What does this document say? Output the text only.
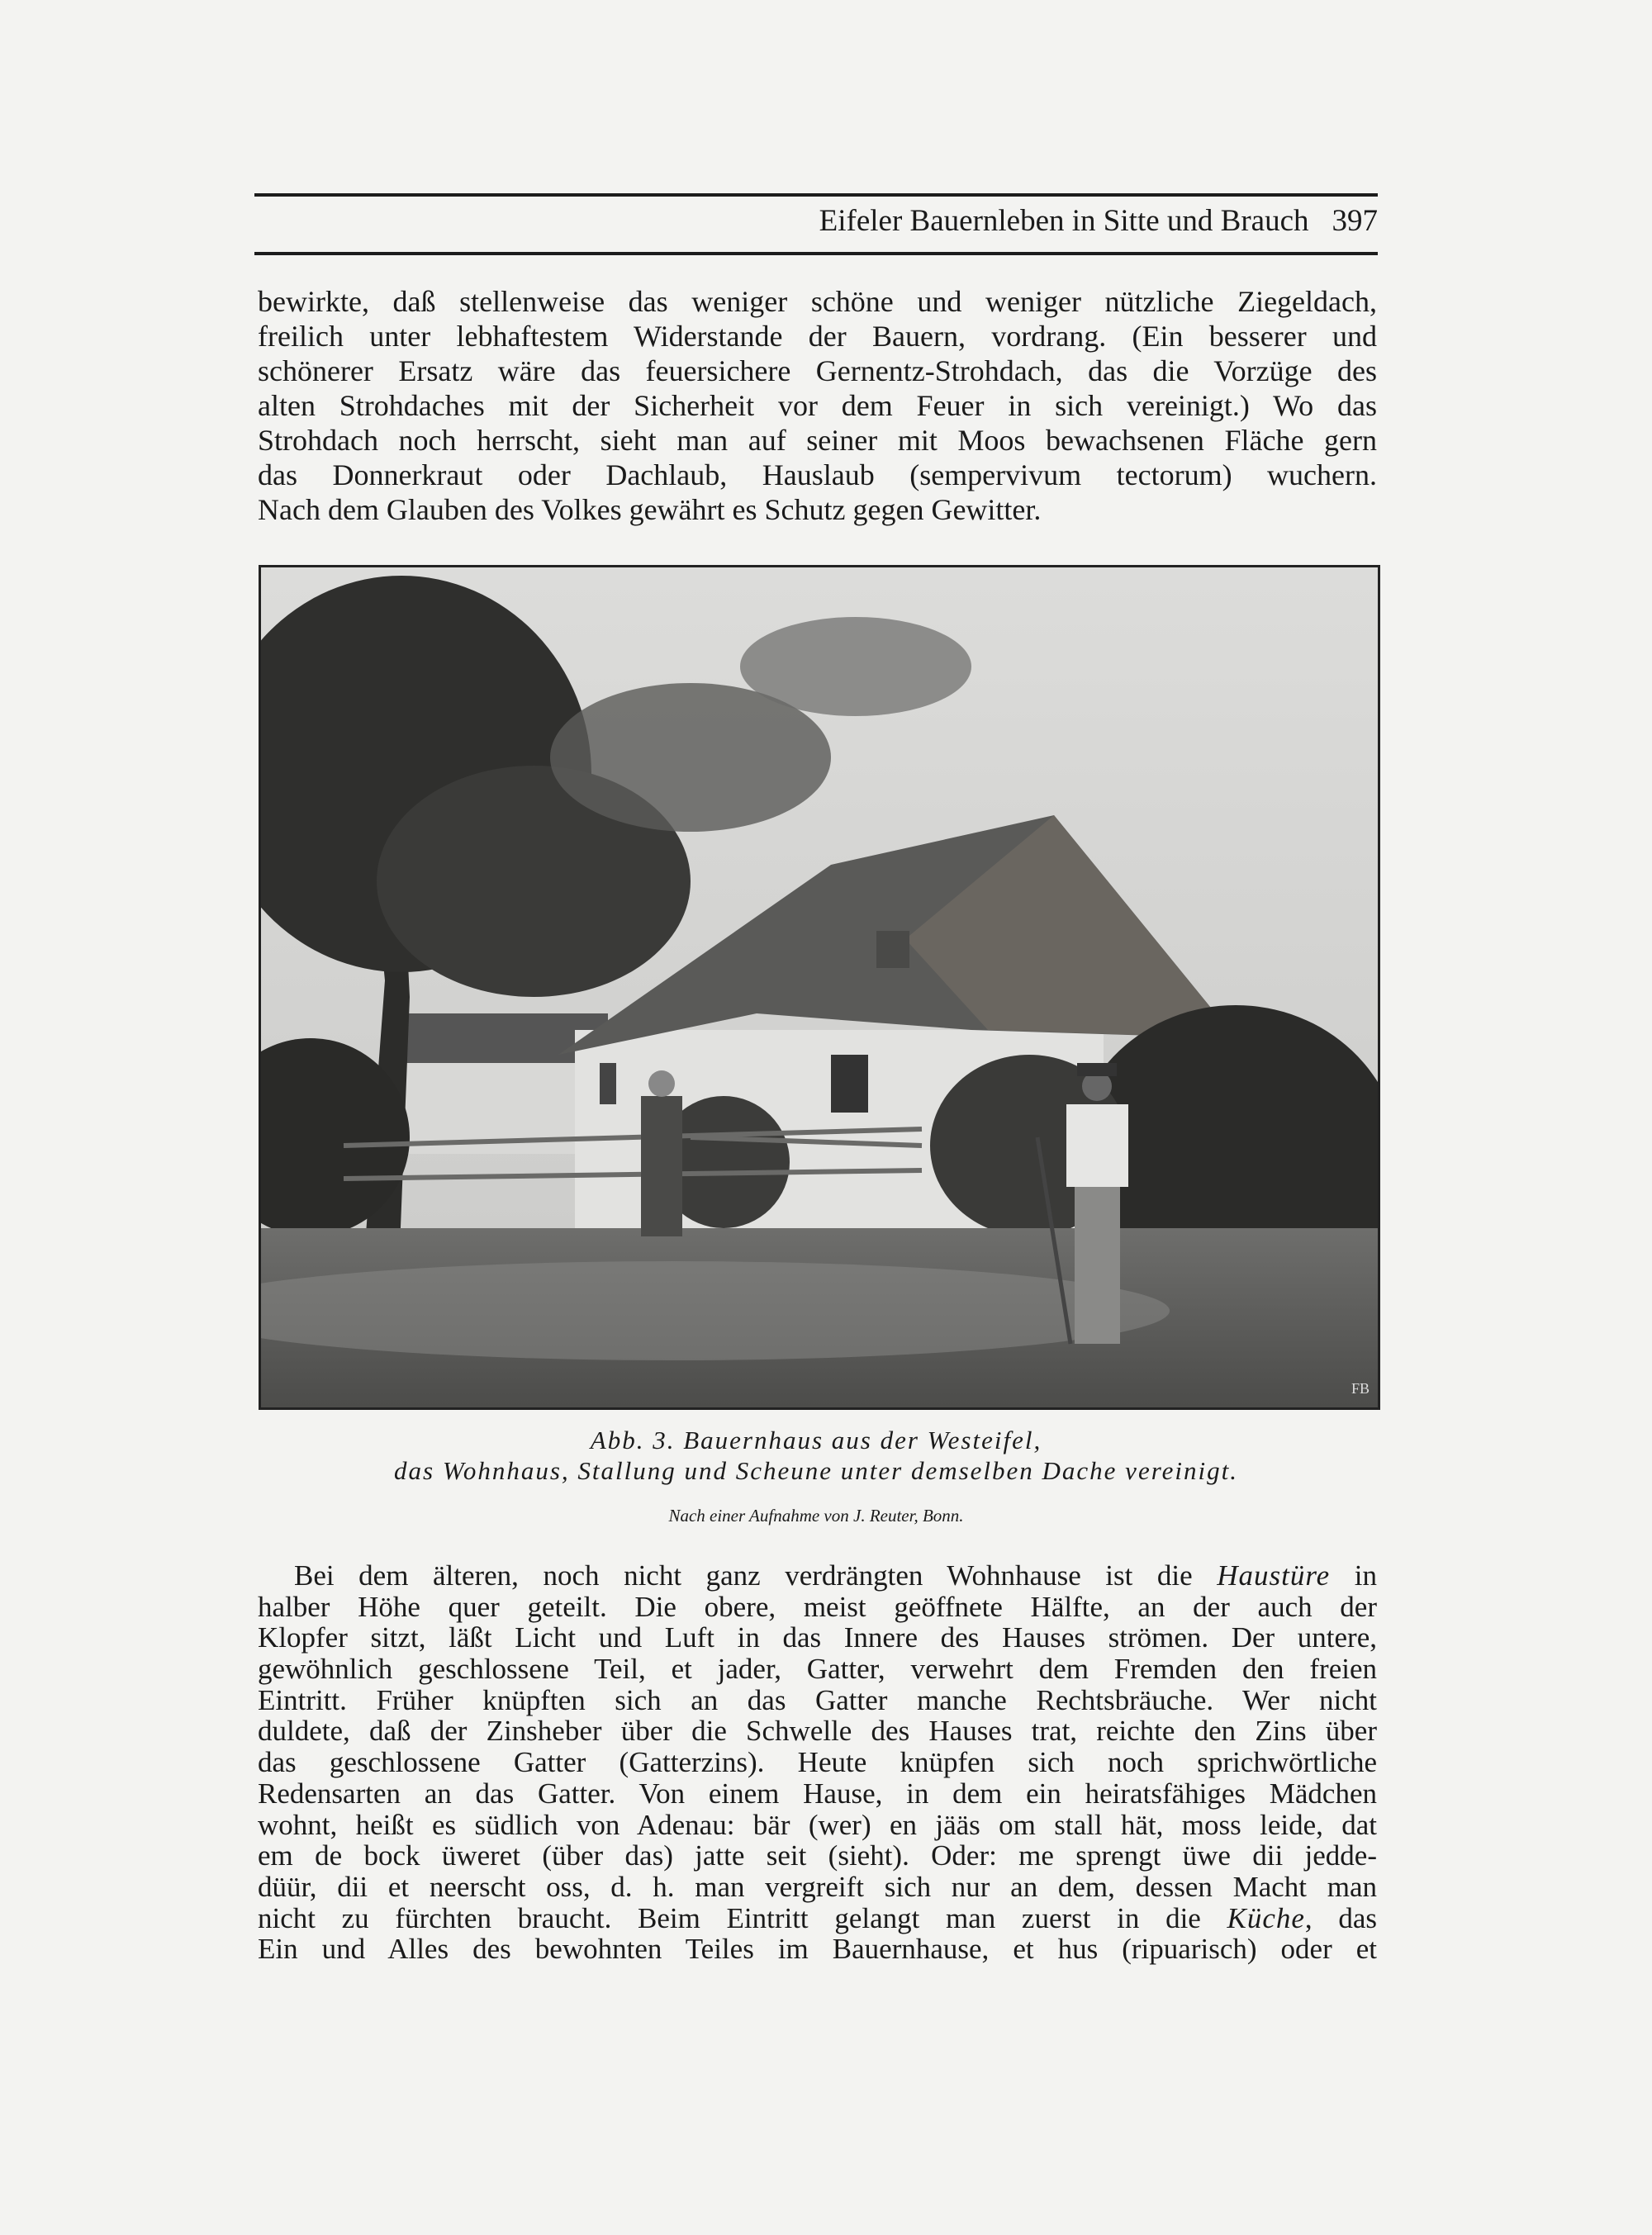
Eifeler Bauernleben in Sitte und Brauch 397
bewirkte, daß stellenweise das weniger schöne und weniger nützliche Ziegeldach,
freilich unter lebhaftestem Widerstande der Bauern, vordrang. (Ein besserer und
schönerer Ersatz wäre das feuersichere Gernentz-Strohdach, das die Vorzüge des
alten Strohdaches mit der Sicherheit vor dem Feuer in sich vereinigt.) Wo das
Strohdach noch herrscht, sieht man auf seiner mit Moos bewachsenen Fläche gern
das Donnerkraut oder Dachlaub, Hauslaub (sempervivum tectorum) wuchern.
Nach dem Glauben des Volkes gewährt es Schutz gegen Gewitter.
FB
Abb. 3. Bauernhaus aus der Westeifel,
das Wohnhaus, Stallung und Scheune unter demselben Dache vereinigt.
Nach einer Aufnahme von J. Reuter, Bonn.
Bei dem älteren, noch nicht ganz verdrängten Wohnhause ist die Haustüre in
halber Höhe quer geteilt. Die obere, meist geöffnete Hälfte, an der auch der
Klopfer sitzt, läßt Licht und Luft in das Innere des Hauses strömen. Der untere,
gewöhnlich geschlossene Teil, et jader, Gatter, verwehrt dem Fremden den freien
Eintritt. Früher knüpften sich an das Gatter manche Rechtsbräuche. Wer nicht
duldete, daß der Zinsheber über die Schwelle des Hauses trat, reichte den Zins über
das geschlossene Gatter (Gatterzins). Heute knüpfen sich noch sprichwörtliche
Redensarten an das Gatter. Von einem Hause, in dem ein heiratsfähiges Mädchen
wohnt, heißt es südlich von Adenau: bär (wer) en jääs om stall hät, moss leide, dat
em de bock üweret (über das) jatte seit (sieht). Oder: me sprengt üwe dii jedde-
düür, dii et neerscht oss, d. h. man vergreift sich nur an dem, dessen Macht man
nicht zu fürchten braucht. Beim Eintritt gelangt man zuerst in die Küche, das
Ein und Alles des bewohnten Teiles im Bauernhause, et hus (ripuarisch) oder et
